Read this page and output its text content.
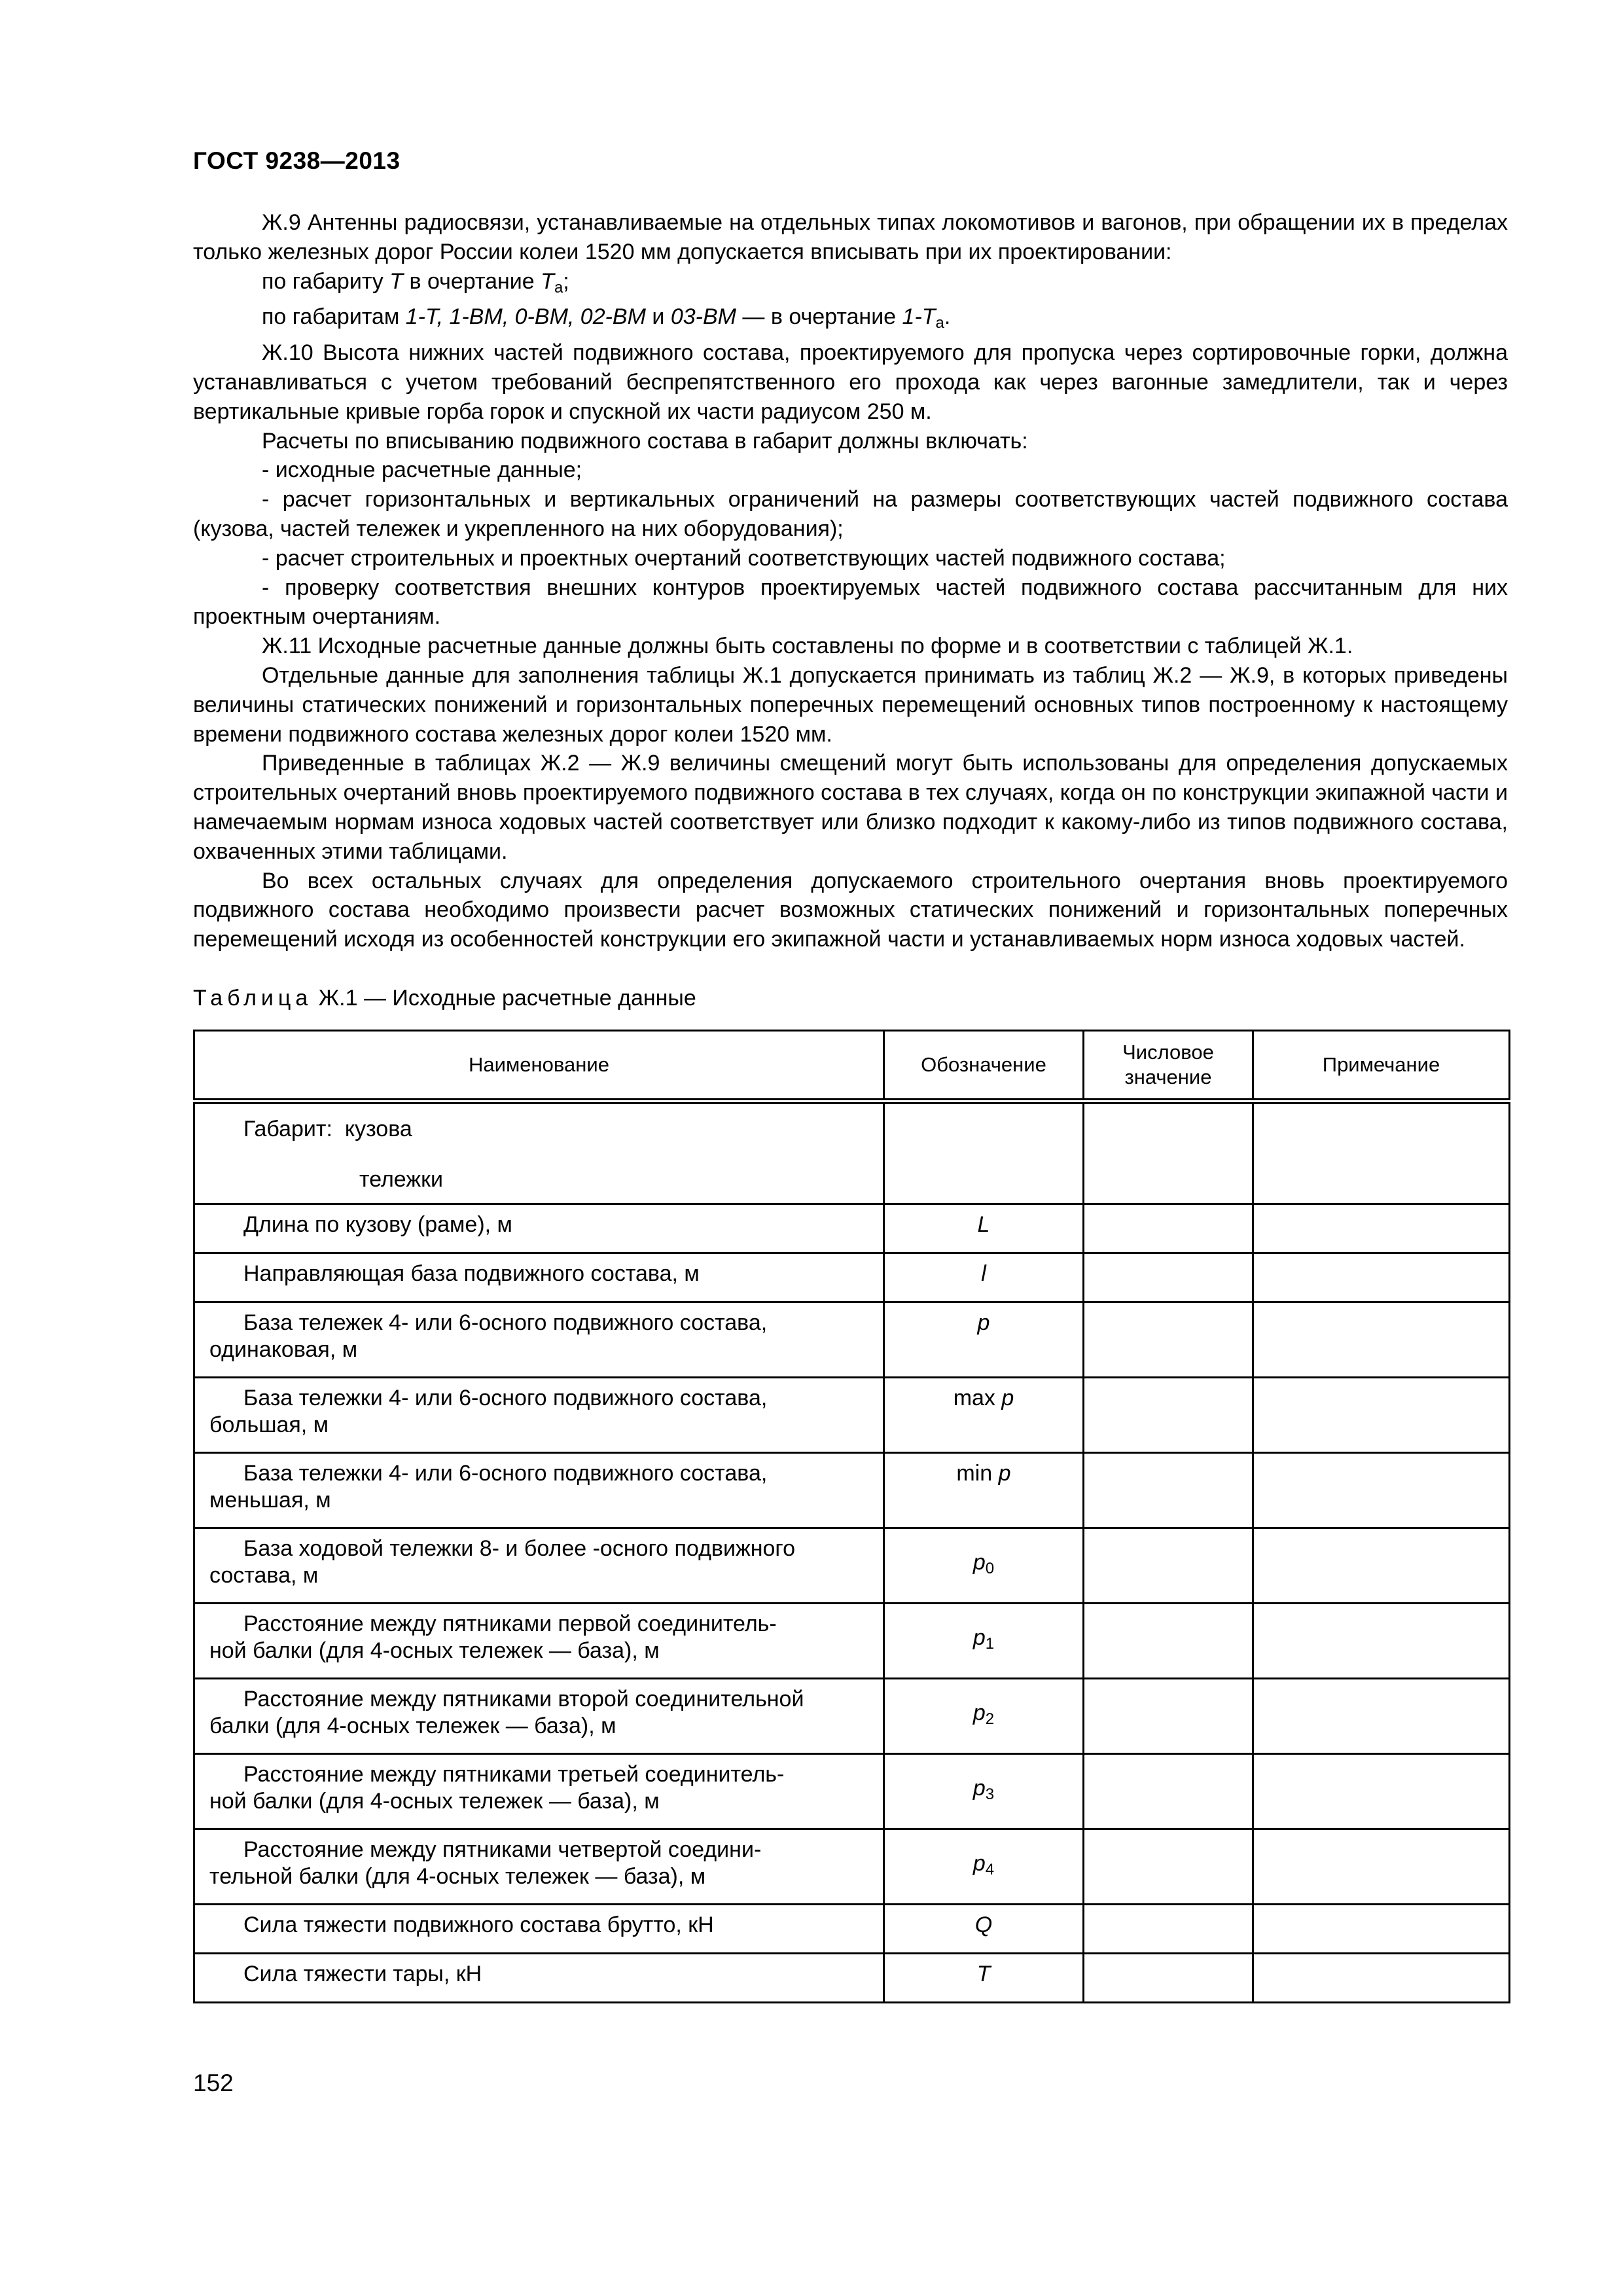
ГОСТ 9238—2013

Ж.9 Антенны радиосвязи, устанавливаемые на отдельных типах локомотивов и вагонов, при обращении их в пределах только железных дорог России колеи 1520 мм допускается вписывать при их проектировании:

по габариту T в очертание $T_a$;

по габаритам 1-T, 1-ВМ, 0-ВМ, 02-ВМ и 03-ВМ — в очертание $1-T_a$.

Ж.10 Высота нижних частей подвижного состава, проектируемого для пропуска через сортировочные горки, должна устанавливаться с учетом требований беспрепятственного его прохода как через вагонные замедлители, так и через вертикальные кривые горба горок и спускной их части радиусом 250 м.

Расчеты по вписыванию подвижного состава в габарит должны включать:

- исходные расчетные данные;

- расчет горизонтальных и вертикальных ограничений на размеры соответствующих частей подвижного состава (кузова, частей тележек и укрепленного на них оборудования);

- расчет строительных и проектных очертаний соответствующих частей подвижного состава;

- проверку соответствия внешних контуров проектируемых частей подвижного состава рассчитанным для них проектным очертаниям.

Ж.11 Исходные расчетные данные должны быть составлены по форме и в соответствии с таблицей Ж.1.

Отдельные данные для заполнения таблицы Ж.1 допускается принимать из таблиц Ж.2 — Ж.9, в которых приведены величины статических понижений и горизонтальных поперечных перемещений основных типов построенному к настоящему времени подвижного состава железных дорог колеи 1520 мм.

Приведенные в таблицах Ж.2 — Ж.9 величины смещений могут быть использованы для определения допускаемых строительных очертаний вновь проектируемого подвижного состава в тех случаях, когда он по конструкции экипажной части и намечаемым нормам износа ходовых частей соответствует или близко подходит к какому-либо из типов подвижного состава, охваченных этими таблицами.

Во всех остальных случаях для определения допускаемого строительного очертания вновь проектируемого подвижного состава необходимо произвести расчет возможных статических понижений и горизонтальных поперечных перемещений исходя из особенностей конструкции его экипажной части и устанавливаемых норм износа ходовых частей.

Таблица Ж.1 — Исходные расчетные данные
Наименование	Обозначение	Числовое значение	Примечание

Габарит: кузова
тележки			

Длина по кузову (раме), м	L		

Направляющая база подвижного состава, м	l		

База тележек 4- или 6-осного подвижного состава,
одинаковая, м	p		

База тележки 4- или 6-осного подвижного состава,
большая, м	max p		

База тележки 4- или 6-осного подвижного состава,
меньшая, м	min p		

База ходовой тележки 8- и более -осного подвижного
состава, м	$p_0$		

Расстояние между пятниками первой соединитель-
ной балки (для 4-осных тележек — база), м	$p_1$		

Расстояние между пятниками второй соединительной
балки (для 4-осных тележек — база), м	$p_2$		

Расстояние между пятниками третьей соединитель-
ной балки (для 4-осных тележек — база), м	$p_3$		

Расстояние между пятниками четвертой соедини-
тельной балки (для 4-осных тележек — база), м	$p_4$		

Сила тяжести подвижного состава брутто, кН	Q		

Сила тяжести тары, кН	T		
152
